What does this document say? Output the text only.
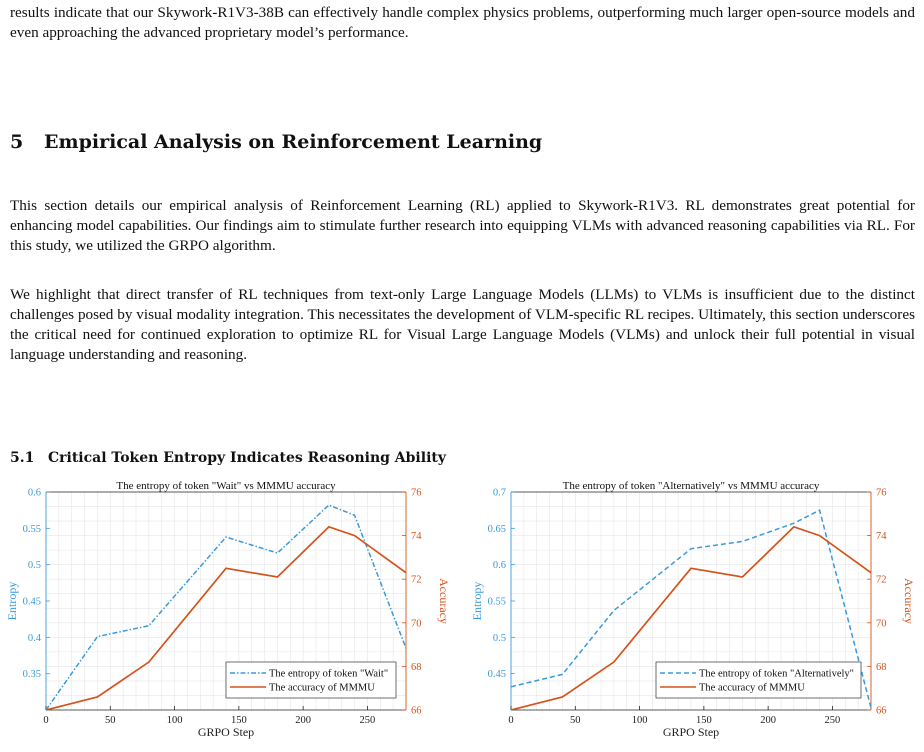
results indicate that our Skywork-R1V3-38B can effectively handle complex physics problems, outperforming much larger open-source models and even approaching the advanced proprietary model’s performance.

5 Empirical Analysis on Reinforcement Learning

This section details our empirical analysis of Reinforcement Learning (RL) applied to Skywork-R1V3. RL demonstrates great potential for enhancing model capabilities. Our findings aim to stimulate further research into equipping VLMs with advanced reasoning capabilities via RL. For this study, we utilized the GRPO algorithm.

We highlight that direct transfer of RL techniques from text-only Large Language Models (LLMs) to VLMs is insufficient due to the distinct challenges posed by visual modality integration. This necessitates the development of VLM-specific RL recipes. Ultimately, this section underscores the critical need for continued exploration to optimize RL for Visual Large Language Models (VLMs) and unlock their full potential in visual language understanding and reasoning.

5.1 Critical Token Entropy Indicates Reasoning Ability
0	50	100	150	200	250
0.35
0.4
0.45
0.5
0.55
0.6
66
68
70
72
74
76
The entropy of token "Wait" vs MMMU accuracy
GRPO Step
Entropy	Accuracy
The entropy of token "Wait"
The accuracy of MMMU
0	50	100	150	200	250
0.45
0.5
0.55
0.6
0.65
0.7
66
68
70
72
74
76
The entropy of token "Alternatively" vs MMMU accuracy
GRPO Step
Entropy	Accuracy
The entropy of token "Alternatively"
The accuracy of MMMU
